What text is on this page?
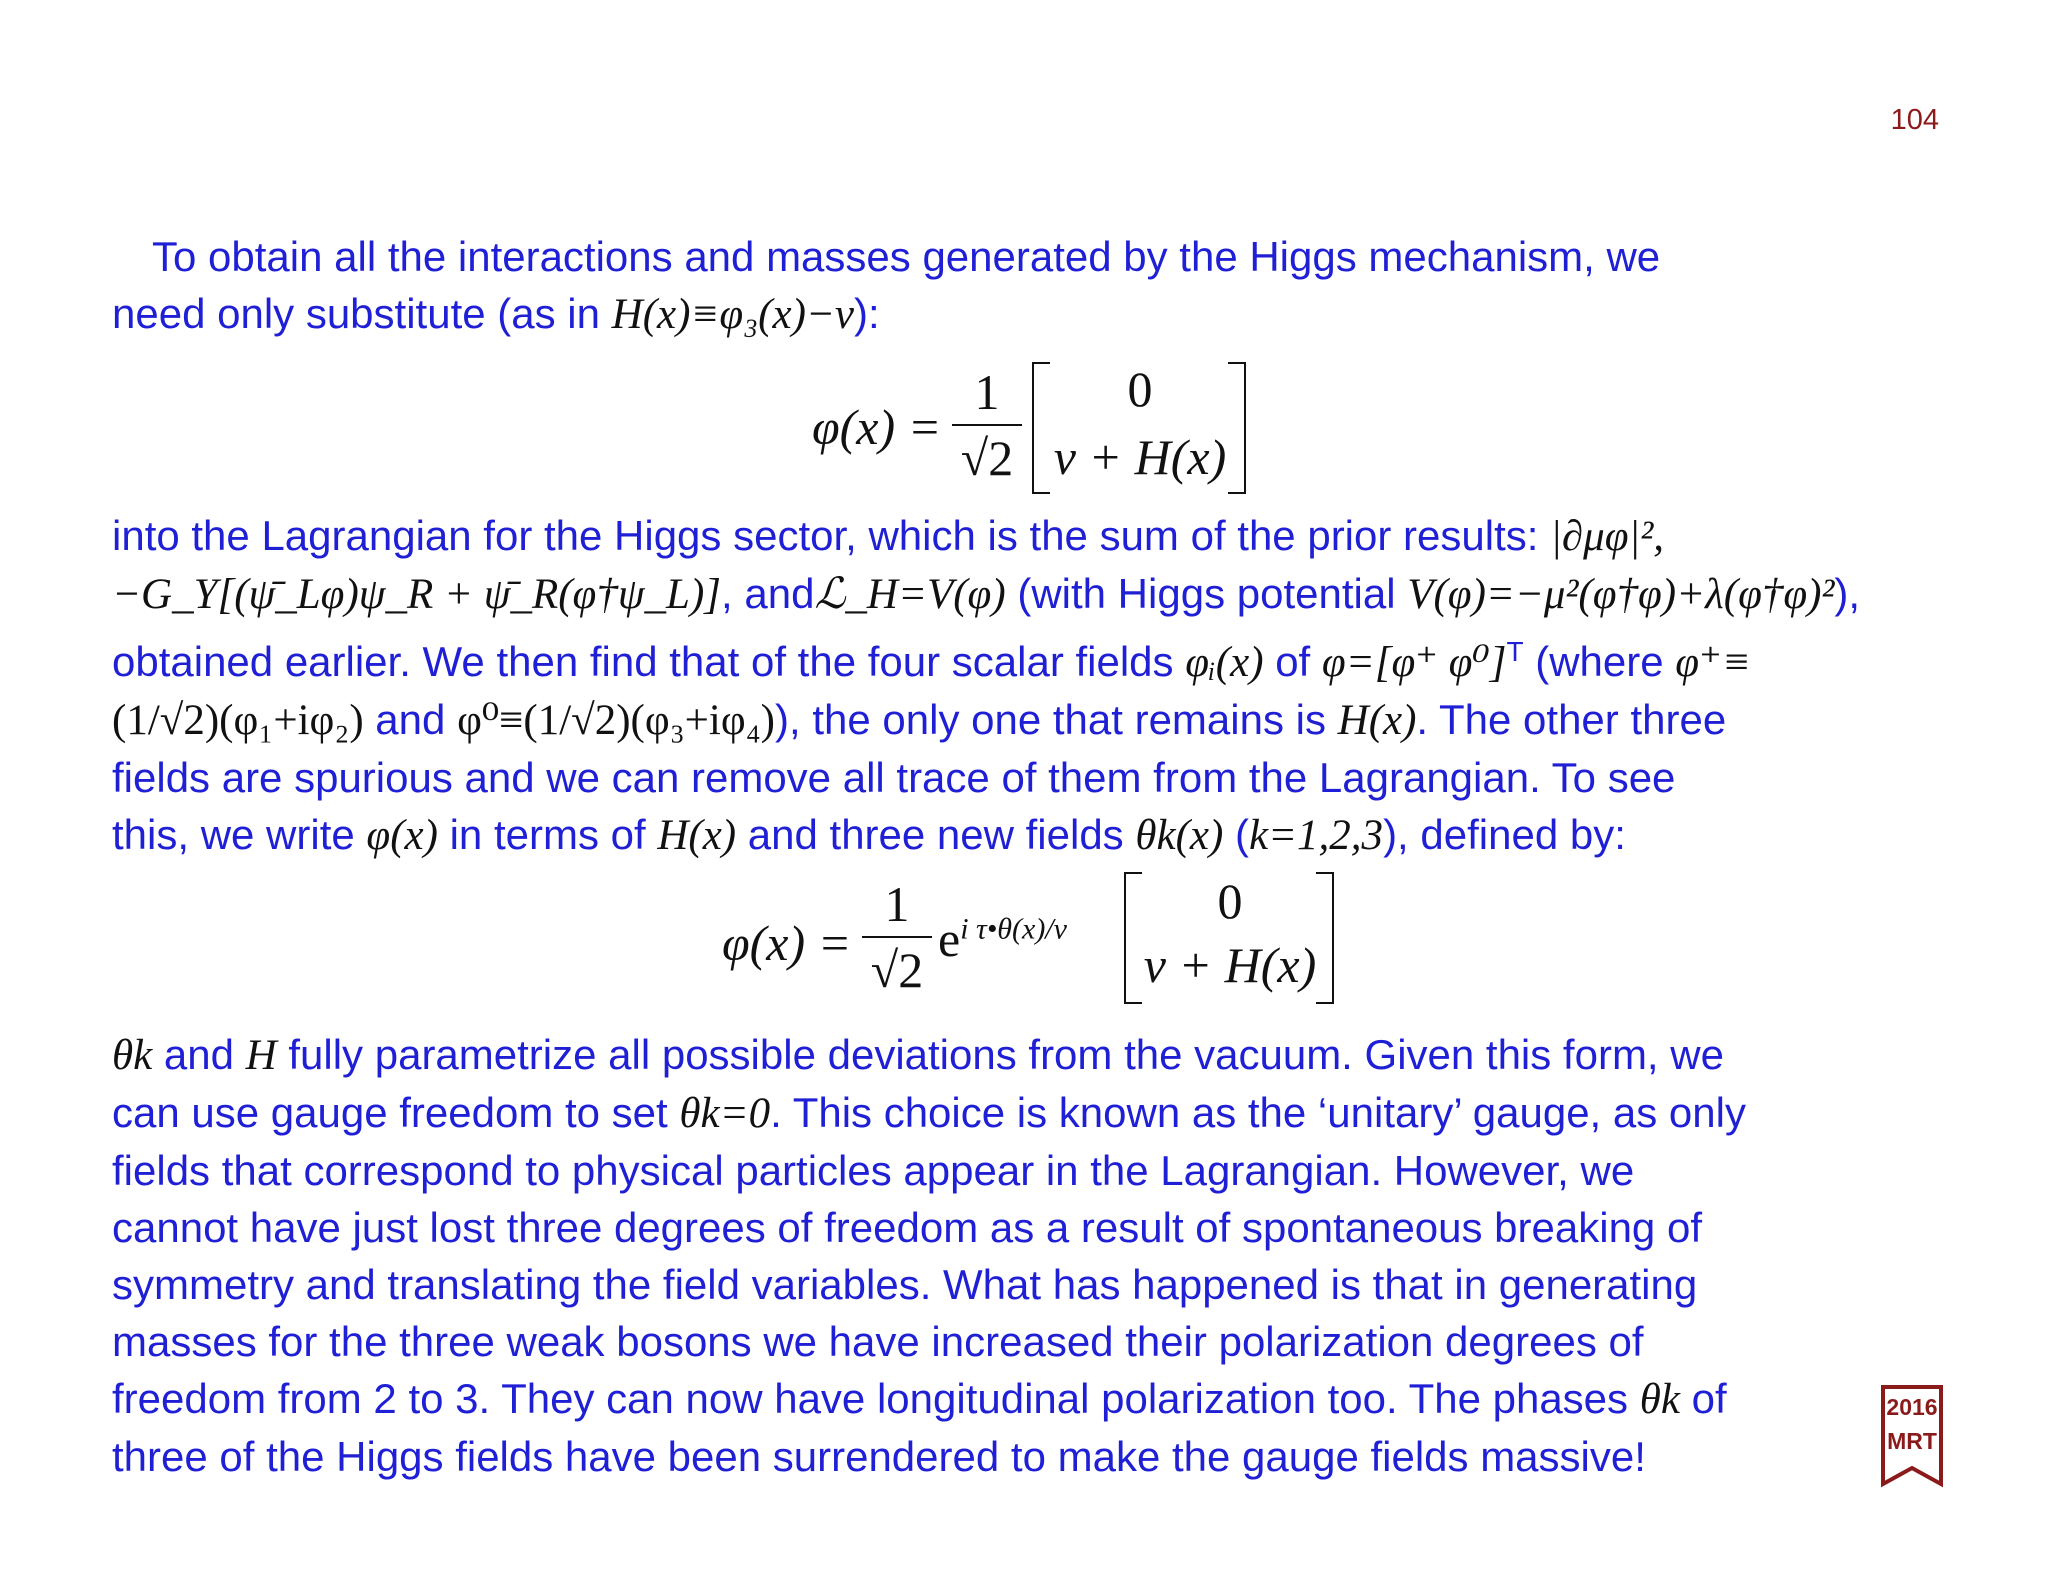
104
To obtain all the interactions and masses generated by the Higgs mechanism, we
need only substitute (as in H(x)≡φ₃(x)−v):
φ(x) =
1
√2
0
v + H(x)
into the Lagrangian for the Higgs sector, which is the sum of the prior results: |∂μφ|²,
−G_Y[(ψ̄_Lφ)ψ_R + ψ̄_R(φ†ψ_L)], andℒ_H=V(φ) (with Higgs potential V(φ)=−μ²(φ†φ)+λ(φ†φ)²),
obtained earlier. We then find that of the four scalar fields φᵢ(x) of φ=[φ⁺ φ⁰]$^T$ (where φ⁺≡
(1/√2)(φ₁+iφ₂) and φ⁰≡(1/√2)(φ₃+iφ₄)), the only one that remains is H(x). The other three
fields are spurious and we can remove all trace of them from the Lagrangian. To see
this, we write φ(x) in terms of H(x) and three new fields θk(x) (k=1,2,3), defined by:
φ(x) =
1
√2
$e^{i \tau•\theta(x)/v}$	0
v + H(x)
θk and H fully parametrize all possible deviations from the vacuum. Given this form, we
can use gauge freedom to set θk=0. This choice is known as the ‘unitary’ gauge, as only
fields that correspond to physical particles appear in the Lagrangian. However, we
cannot have just lost three degrees of freedom as a result of spontaneous breaking of
symmetry and translating the field variables. What has happened is that in generating
masses for the three weak bosons we have increased their polarization degrees of
freedom from 2 to 3. They can now have longitudinal polarization too. The phases θk of
three of the Higgs fields have been surrendered to make the gauge fields massive!
2016
MRT
